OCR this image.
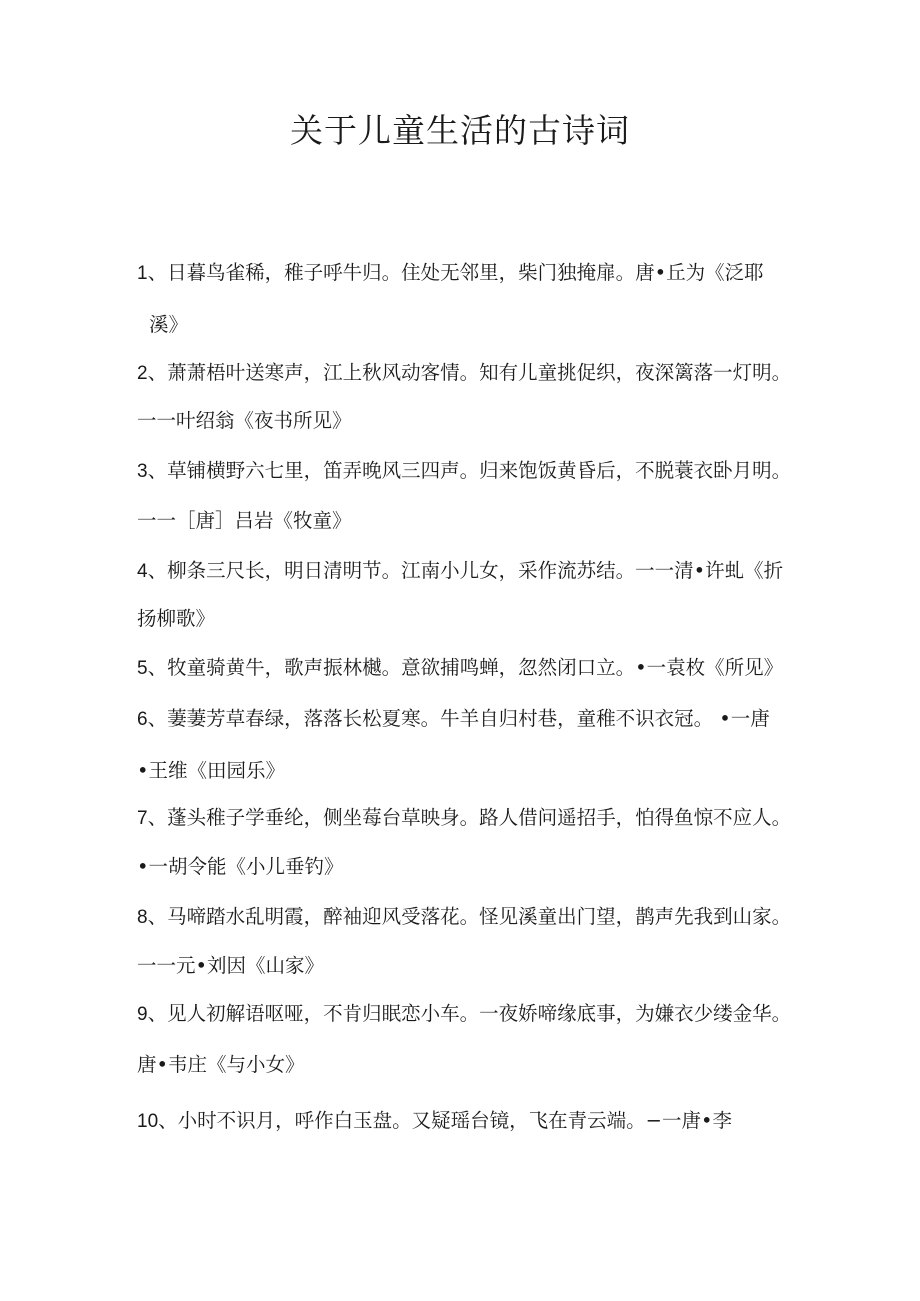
关于儿童生活的古诗词
1、日暮鸟雀稀，稚子呼牛归。住处无邻里，柴门独掩扉。唐•丘为《泛耶
溪》
2、萧萧梧叶送寒声，江上秋风动客情。知有儿童挑促织，夜深篱落一灯明。
一一叶绍翁《夜书所见》
3、草铺横野六七里，笛弄晚风三四声。归来饱饭黄昏后，不脱蓑衣卧月明。
一一［唐］吕岩《牧童》
4、柳条三尺长，明日清明节。江南小儿女，采作流苏结。一一清•许虬《折
扬柳歌》
5、牧童骑黄牛，歌声振林樾。意欲捕鸣蝉，忽然闭口立。•一袁枚《所见》
6、萋萋芳草春绿，落落长松夏寒。牛羊自归村巷，童稚不识衣冠。 •一唐
•王维《田园乐》
7、蓬头稚子学垂纶，侧坐莓台草映身。路人借问遥招手，怕得鱼惊不应人。
•一胡令能《小儿垂钓》
8、马啼踏水乱明霞，醉袖迎风受落花。怪见溪童出门望，鹊声先我到山家。
一一元•刘因《山家》
9、见人初解语呕哑，不肯归眠恋小车。一夜娇啼缘底事，为嫌衣少缕金华。
唐•韦庄《与小女》
10、小时不识月，呼作白玉盘。又疑瑶台镜，飞在青云端。−一唐•李
